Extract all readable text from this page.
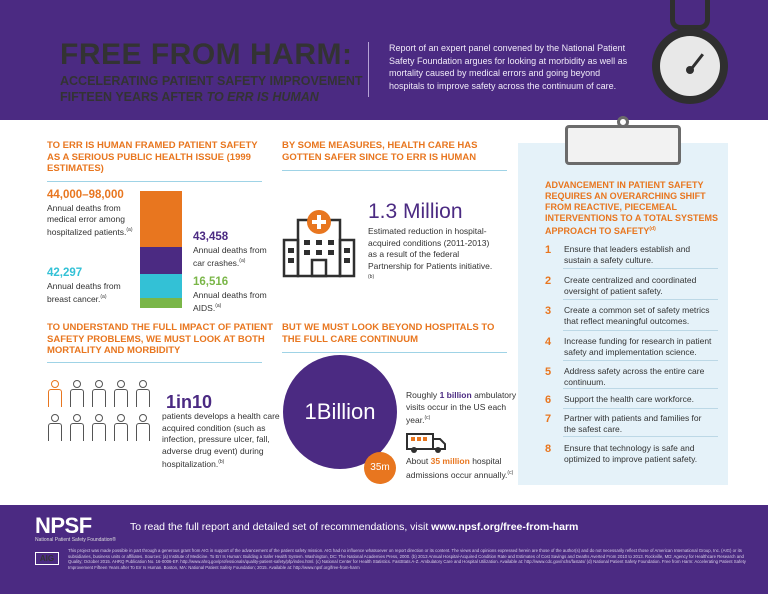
FREE FROM HARM:
ACCELERATING PATIENT SAFETY IMPROVEMENT
FIFTEEN YEARS AFTER TO ERR IS HUMAN
Report of an expert panel convened by the National Patient Safety Foundation argues for looking at morbidity as well as mortality caused by medical errors and going beyond hospitals to improve safety across the continuum of care.
TO ERR IS HUMAN FRAMED PATIENT SAFETY AS A SERIOUS PUBLIC HEALTH ISSUE (1999 ESTIMATES)
44,000–98,000
Annual deaths from medical error among hospitalized patients.$^{(a)}$
43,458
Annual deaths from car crashes.$^{(a)}$
42,297
Annual deaths from breast cancer.$^{(a)}$
16,516
Annual deaths from AIDS.$^{(a)}$
BY SOME MEASURES, HEALTH CARE HAS GOTTEN SAFER SINCE TO ERR IS HUMAN
1.3 Million
Estimated reduction in hospital-acquired conditions (2011-2013) as a result of the federal Partnership for Patients initiative.$^{(b)}$
TO UNDERSTAND THE FULL IMPACT OF PATIENT SAFETY PROBLEMS, WE MUST LOOK AT BOTH MORTALITY AND MORBIDITY
1in10
patients develops a health care acquired condition (such as infection, pressure ulcer, fall, adverse drug event) during hospitalization.$^{(b)}$
BUT WE MUST LOOK BEYOND HOSPITALS TO THE FULL CARE CONTINUUM
1Billion
35m
Roughly 1 billion ambulatory visits occur in the US each year.$^{(c)}$
About 35 million hospital admissions occur annually.$^{(c)}$
ADVANCEMENT IN PATIENT SAFETY REQUIRES AN OVERARCHING SHIFT FROM REACTIVE, PIECEMEAL INTERVENTIONS TO A TOTAL SYSTEMS APPROACH TO SAFETY$^{(d)}$
1 Ensure that leaders establish and sustain a safety culture.
2 Create centralized and coordinated oversight of patient safety.
3 Create a common set of safety metrics that reflect meaningful outcomes.
4 Increase funding for research in patient safety and implementation science.
5 Address safety across the entire care continuum.
6 Support the health care workforce.
7 Partner with patients and families for the safest care.
8 Ensure that technology is safe and optimized to improve patient safety.
NPSF
National Patient Safety Foundation®
To read the full report and detailed set of recommendations, visit www.npsf.org/free-from-harm
AIG
This project was made possible in part through a generous grant from AIG in support of the advancement of the patient safety mission. AIG had no influence whatsoever on report direction or its content. The views and opinions expressed herein are those of the author(s) and do not necessarily reflect those of American International Group, Inc. (AIG) or its subsidiaries, business units or affiliates. Sources: (a) Institute of Medicine. To Err Is Human: Building a Safer Health System. Washington, DC: The National Academies Press, 2000. (b) 2013 Annual Hospital-Acquired Condition Rate and Estimates of Cost Savings and Deaths Averted From 2010 to 2013. Rockville, MD: Agency for Healthcare Research and Quality; October 2015. AHRQ Publication No. 16-0006-EF. http://www.ahrq.gov/professionals/quality-patient-safety/pfp/index.html. (c) National Center for Health Statistics. FastStats A-Z. Ambulatory Care and Hospital Utilization. Available at: http://www.cdc.gov/nchs/fastats/ (d) National Patient Safety Foundation. Free from Harm: Accelerating Patient Safety Improvement Fifteen Years after To Err Is Human. Boston, MA: National Patient Safety Foundation; 2015. Available at: http://www.npsf.org/free-from-harm
